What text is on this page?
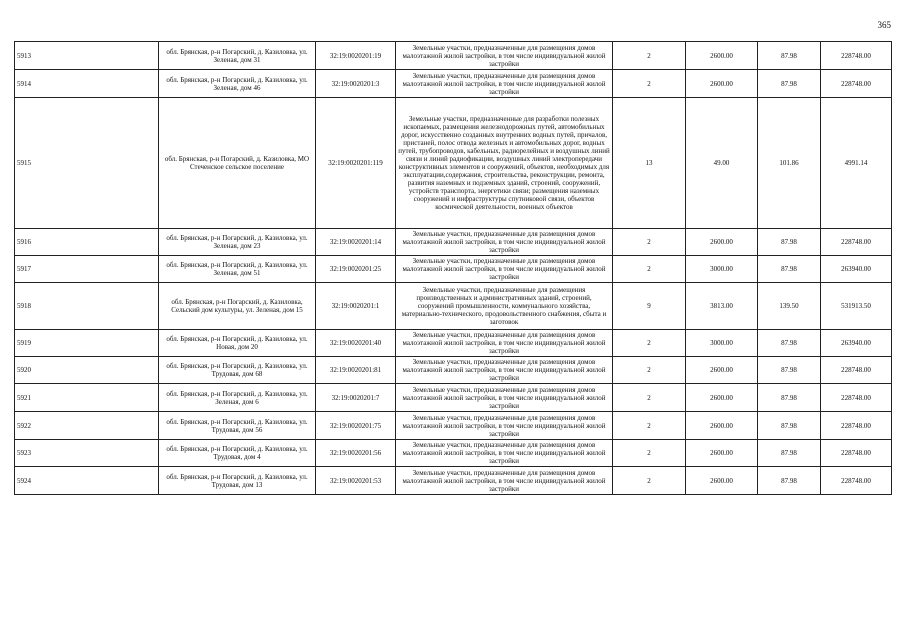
365
5913	обл. Брянская, р-н Погарский, д. Казиловка, ул. Зеленая, дом 31	32:19:0020201:19	Земельные участки, предназначенные для размещения домов малоэтажной жилой застройки, в том числе индивидуальной жилой застройки	2	2600.00	87.98	228748.00
5914	обл. Брянская, р-н Погарский, д. Казиловка, ул. Зеленая, дом 46	32:19:0020201:3	Земельные участки, предназначенные для размещения домов малоэтажной жилой застройки, в том числе индивидуальной жилой застройки	2	2600.00	87.98	228748.00
5915	обл. Брянская, р-н Погарский, д. Казиловка, МО Стеченское сельское поселение	32:19:0020201:119	Земельные участки, предназначенные для разработки полезных ископаемых, размещения железнодорожных путей, автомобильных дорог, искусственно созданных внутренних водных путей, причалов, пристаней, полос отвода железных и автомобильных дорог, водных путей, трубопроводов, кабельных, радиорелейных и воздушных линий связи и линий радиофикации, воздушных линий электропередачи конструктивных элементов и сооружений, объектов, необходимых для эксплуатации,содержания, строительства, реконструкции, ремонта, развития наземных и подземных зданий, строений, сооружений, устройств транспорта, энергетики связи; размещения наземных сооружений и инфраструктуры спутниковой связи, объектов космической деятельности, военных объектов	13	49.00	101.86	4991.14
5916	обл. Брянская, р-н Погарский, д. Казиловка, ул. Зеленая, дом 23	32:19:0020201:14	Земельные участки, предназначенные для размещения домов малоэтажной жилой застройки, в том числе индивидуальной жилой застройки	2	2600.00	87.98	228748.00
5917	обл. Брянская, р-н Погарский, д. Казиловка, ул. Зеленая, дом 51	32:19:0020201:25	Земельные участки, предназначенные для размещения домов малоэтажной жилой застройки, в том числе индивидуальной жилой застройки	2	3000.00	87.98	263940.00
5918	обл. Брянская, р-н Погарский, д. Казиловка, Сельский дом культуры, ул. Зеленая, дом 15	32:19:0020201:1	Земельные участки, предназначенные для размещения производственных и административных зданий, строений, сооружений промышленности, коммунального хозяйства, материально-технического, продовольственного снабжения, сбыта и заготовок	9	3813.00	139.50	531913.50
5919	обл. Брянская, р-н Погарский, д. Казиловка, ул. Новая, дом 20	32:19:0020201:40	Земельные участки, предназначенные для размещения домов малоэтажной жилой застройки, в том числе индивидуальной жилой застройки	2	3000.00	87.98	263940.00
5920	обл. Брянская, р-н Погарский, д. Казиловка, ул. Трудовая, дом 68	32:19:0020201:81	Земельные участки, предназначенные для размещения домов малоэтажной жилой застройки, в том числе индивидуальной жилой застройки	2	2600.00	87.98	228748.00
5921	обл. Брянская, р-н Погарский, д. Казиловка, ул. Зеленая, дом 6	32:19:0020201:7	Земельные участки, предназначенные для размещения домов малоэтажной жилой застройки, в том числе индивидуальной жилой застройки	2	2600.00	87.98	228748.00
5922	обл. Брянская, р-н Погарский, д. Казиловка, ул. Трудовая, дом 56	32:19:0020201:75	Земельные участки, предназначенные для размещения домов малоэтажной жилой застройки, в том числе индивидуальной жилой застройки	2	2600.00	87.98	228748.00
5923	обл. Брянская, р-н Погарский, д. Казиловка, ул. Трудовая, дом 4	32:19:0020201:56	Земельные участки, предназначенные для размещения домов малоэтажной жилой застройки, в том числе индивидуальной жилой застройки	2	2600.00	87.98	228748.00
5924	обл. Брянская, р-н Погарский, д. Казиловка, ул. Трудовая, дом 13	32:19:0020201:53	Земельные участки, предназначенные для размещения домов малоэтажной жилой застройки, в том числе индивидуальной жилой застройки	2	2600.00	87.98	228748.00
